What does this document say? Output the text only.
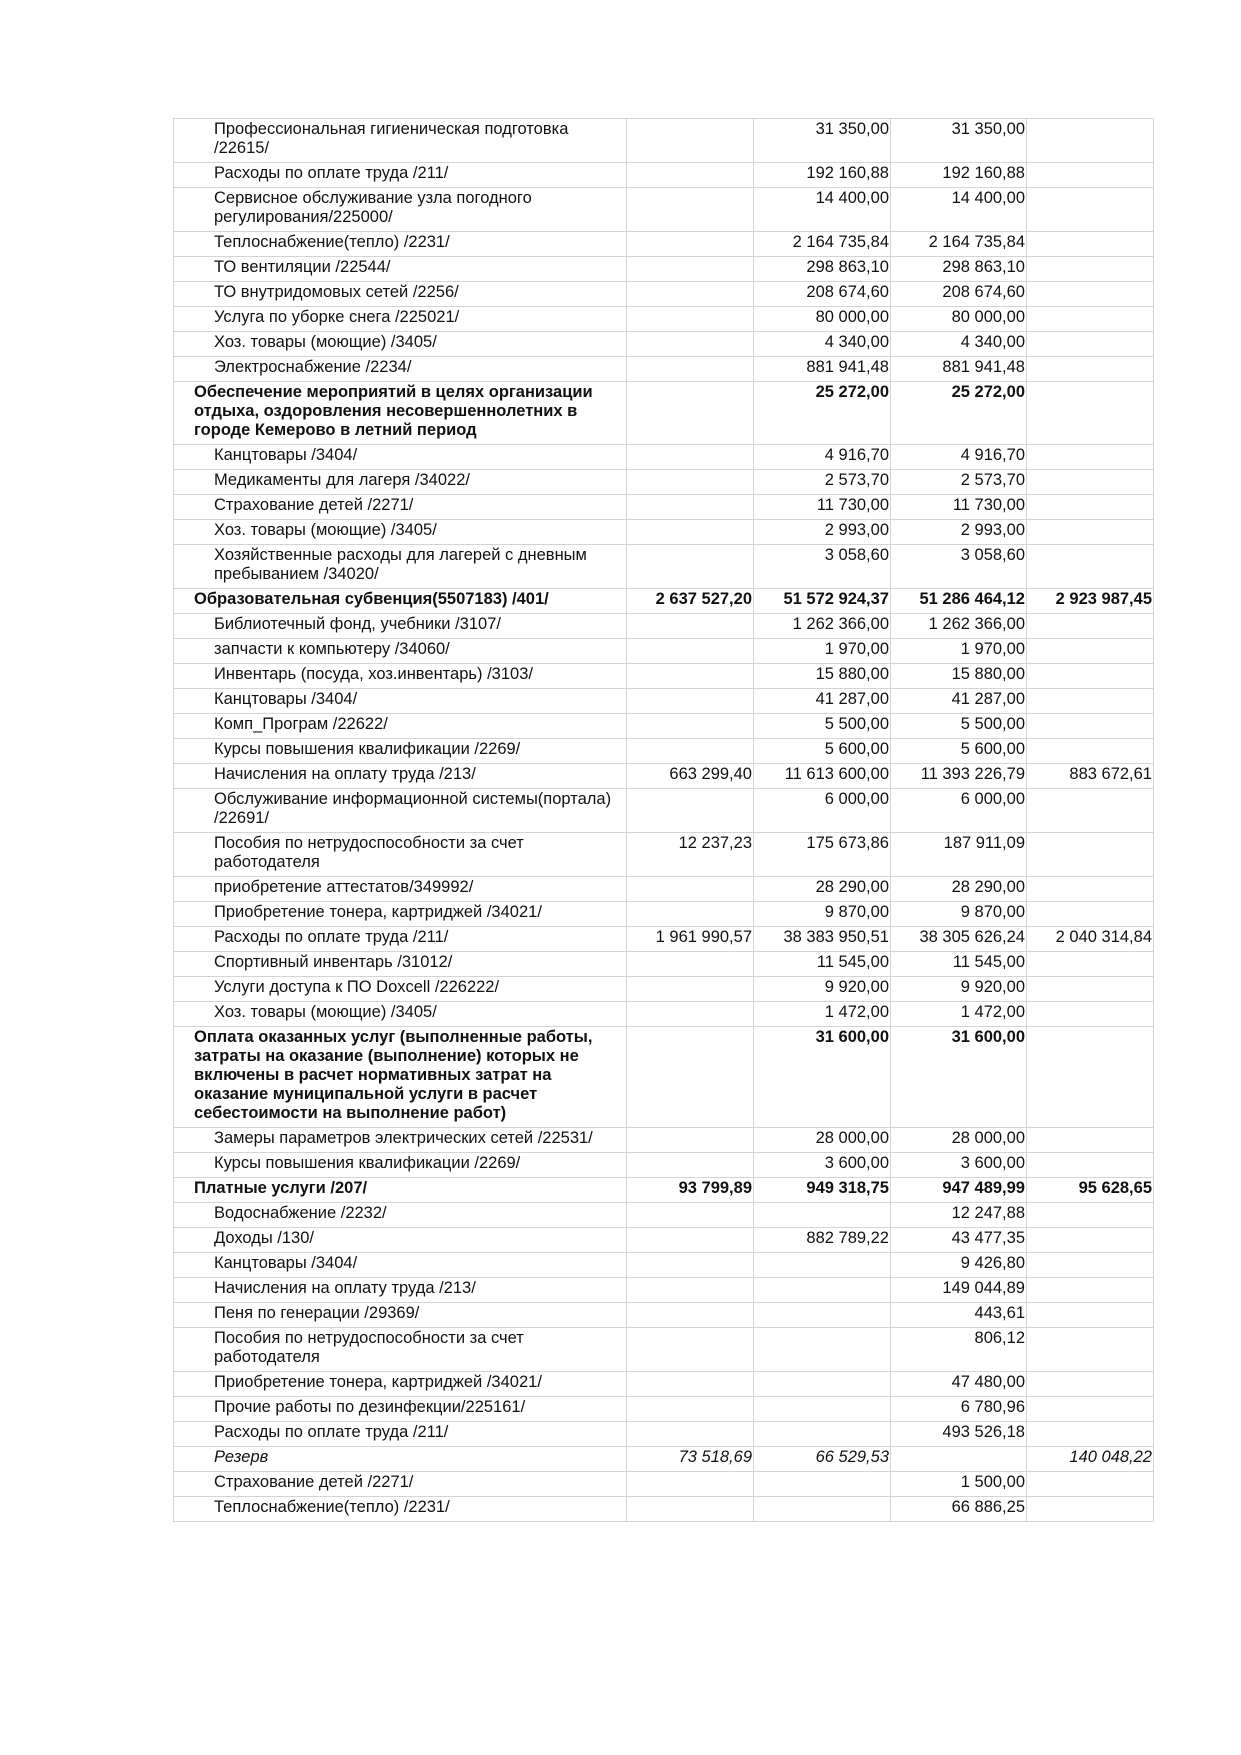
Профессиональная гигиеническая подготовка /22615/		31 350,00	31 350,00	
Расходы по оплате труда /211/		192 160,88	192 160,88	
Сервисное обслуживание узла погодного регулирования/225000/		14 400,00	14 400,00	
Теплоснабжение(тепло) /2231/		2 164 735,84	2 164 735,84	
ТО вентиляции /22544/		298 863,10	298 863,10	
ТО внутридомовых сетей /2256/		208 674,60	208 674,60	
Услуга по уборке снега /225021/		80 000,00	80 000,00	
Хоз. товары (моющие) /3405/		4 340,00	4 340,00	
Электроснабжение /2234/		881 941,48	881 941,48	
Обеспечение мероприятий в целях организации отдыха, оздоровления несовершеннолетних в городе Кемерово в летний период		25 272,00	25 272,00	
Канцтовары /3404/		4 916,70	4 916,70	
Медикаменты для лагеря /34022/		2 573,70	2 573,70	
Страхование детей /2271/		11 730,00	11 730,00	
Хоз. товары (моющие) /3405/		2 993,00	2 993,00	
Хозяйственные расходы для лагерей с дневным пребыванием /34020/		3 058,60	3 058,60	
Образовательная субвенция(5507183) /401/	2 637 527,20	51 572 924,37	51 286 464,12	2 923 987,45
Библиотечный фонд, учебники /3107/		1 262 366,00	1 262 366,00	
запчасти к компьютеру /34060/		1 970,00	1 970,00	
Инвентарь (посуда, хоз.инвентарь) /3103/		15 880,00	15 880,00	
Канцтовары /3404/		41 287,00	41 287,00	
Комп_Програм /22622/		5 500,00	5 500,00	
Курсы повышения квалификации /2269/		5 600,00	5 600,00	
Начисления на оплату труда /213/	663 299,40	11 613 600,00	11 393 226,79	883 672,61
Обслуживание информационной системы(портала) /22691/		6 000,00	6 000,00	
Пособия по нетрудоспособности за счет работодателя	12 237,23	175 673,86	187 911,09	
приобретение аттестатов/349992/		28 290,00	28 290,00	
Приобретение тонера, картриджей /34021/		9 870,00	9 870,00	
Расходы по оплате труда /211/	1 961 990,57	38 383 950,51	38 305 626,24	2 040 314,84
Спортивный инвентарь /31012/		11 545,00	11 545,00	
Услуги доступа к ПО Doxcell /226222/		9 920,00	9 920,00	
Хоз. товары (моющие) /3405/		1 472,00	1 472,00	
Оплата оказанных услуг (выполненные работы, затраты на оказание (выполнение) которых не включены в расчет нормативных затрат на оказание муниципальной услуги в расчет себестоимости на выполнение работ)		31 600,00	31 600,00	
Замеры параметров электрических сетей /22531/		28 000,00	28 000,00	
Курсы повышения квалификации /2269/		3 600,00	3 600,00	
Платные услуги /207/	93 799,89	949 318,75	947 489,99	95 628,65
Водоснабжение /2232/			12 247,88	
Доходы /130/		882 789,22	43 477,35	
Канцтовары /3404/			9 426,80	
Начисления на оплату труда /213/			149 044,89	
Пеня по генерации /29369/			443,61	
Пособия по нетрудоспособности за счет работодателя			806,12	
Приобретение тонера, картриджей /34021/			47 480,00	
Прочие работы по дезинфекции/225161/			6 780,96	
Расходы по оплате труда /211/			493 526,18	
Резерв	73 518,69	66 529,53		140 048,22
Страхование детей /2271/			1 500,00	
Теплоснабжение(тепло) /2231/			66 886,25	
